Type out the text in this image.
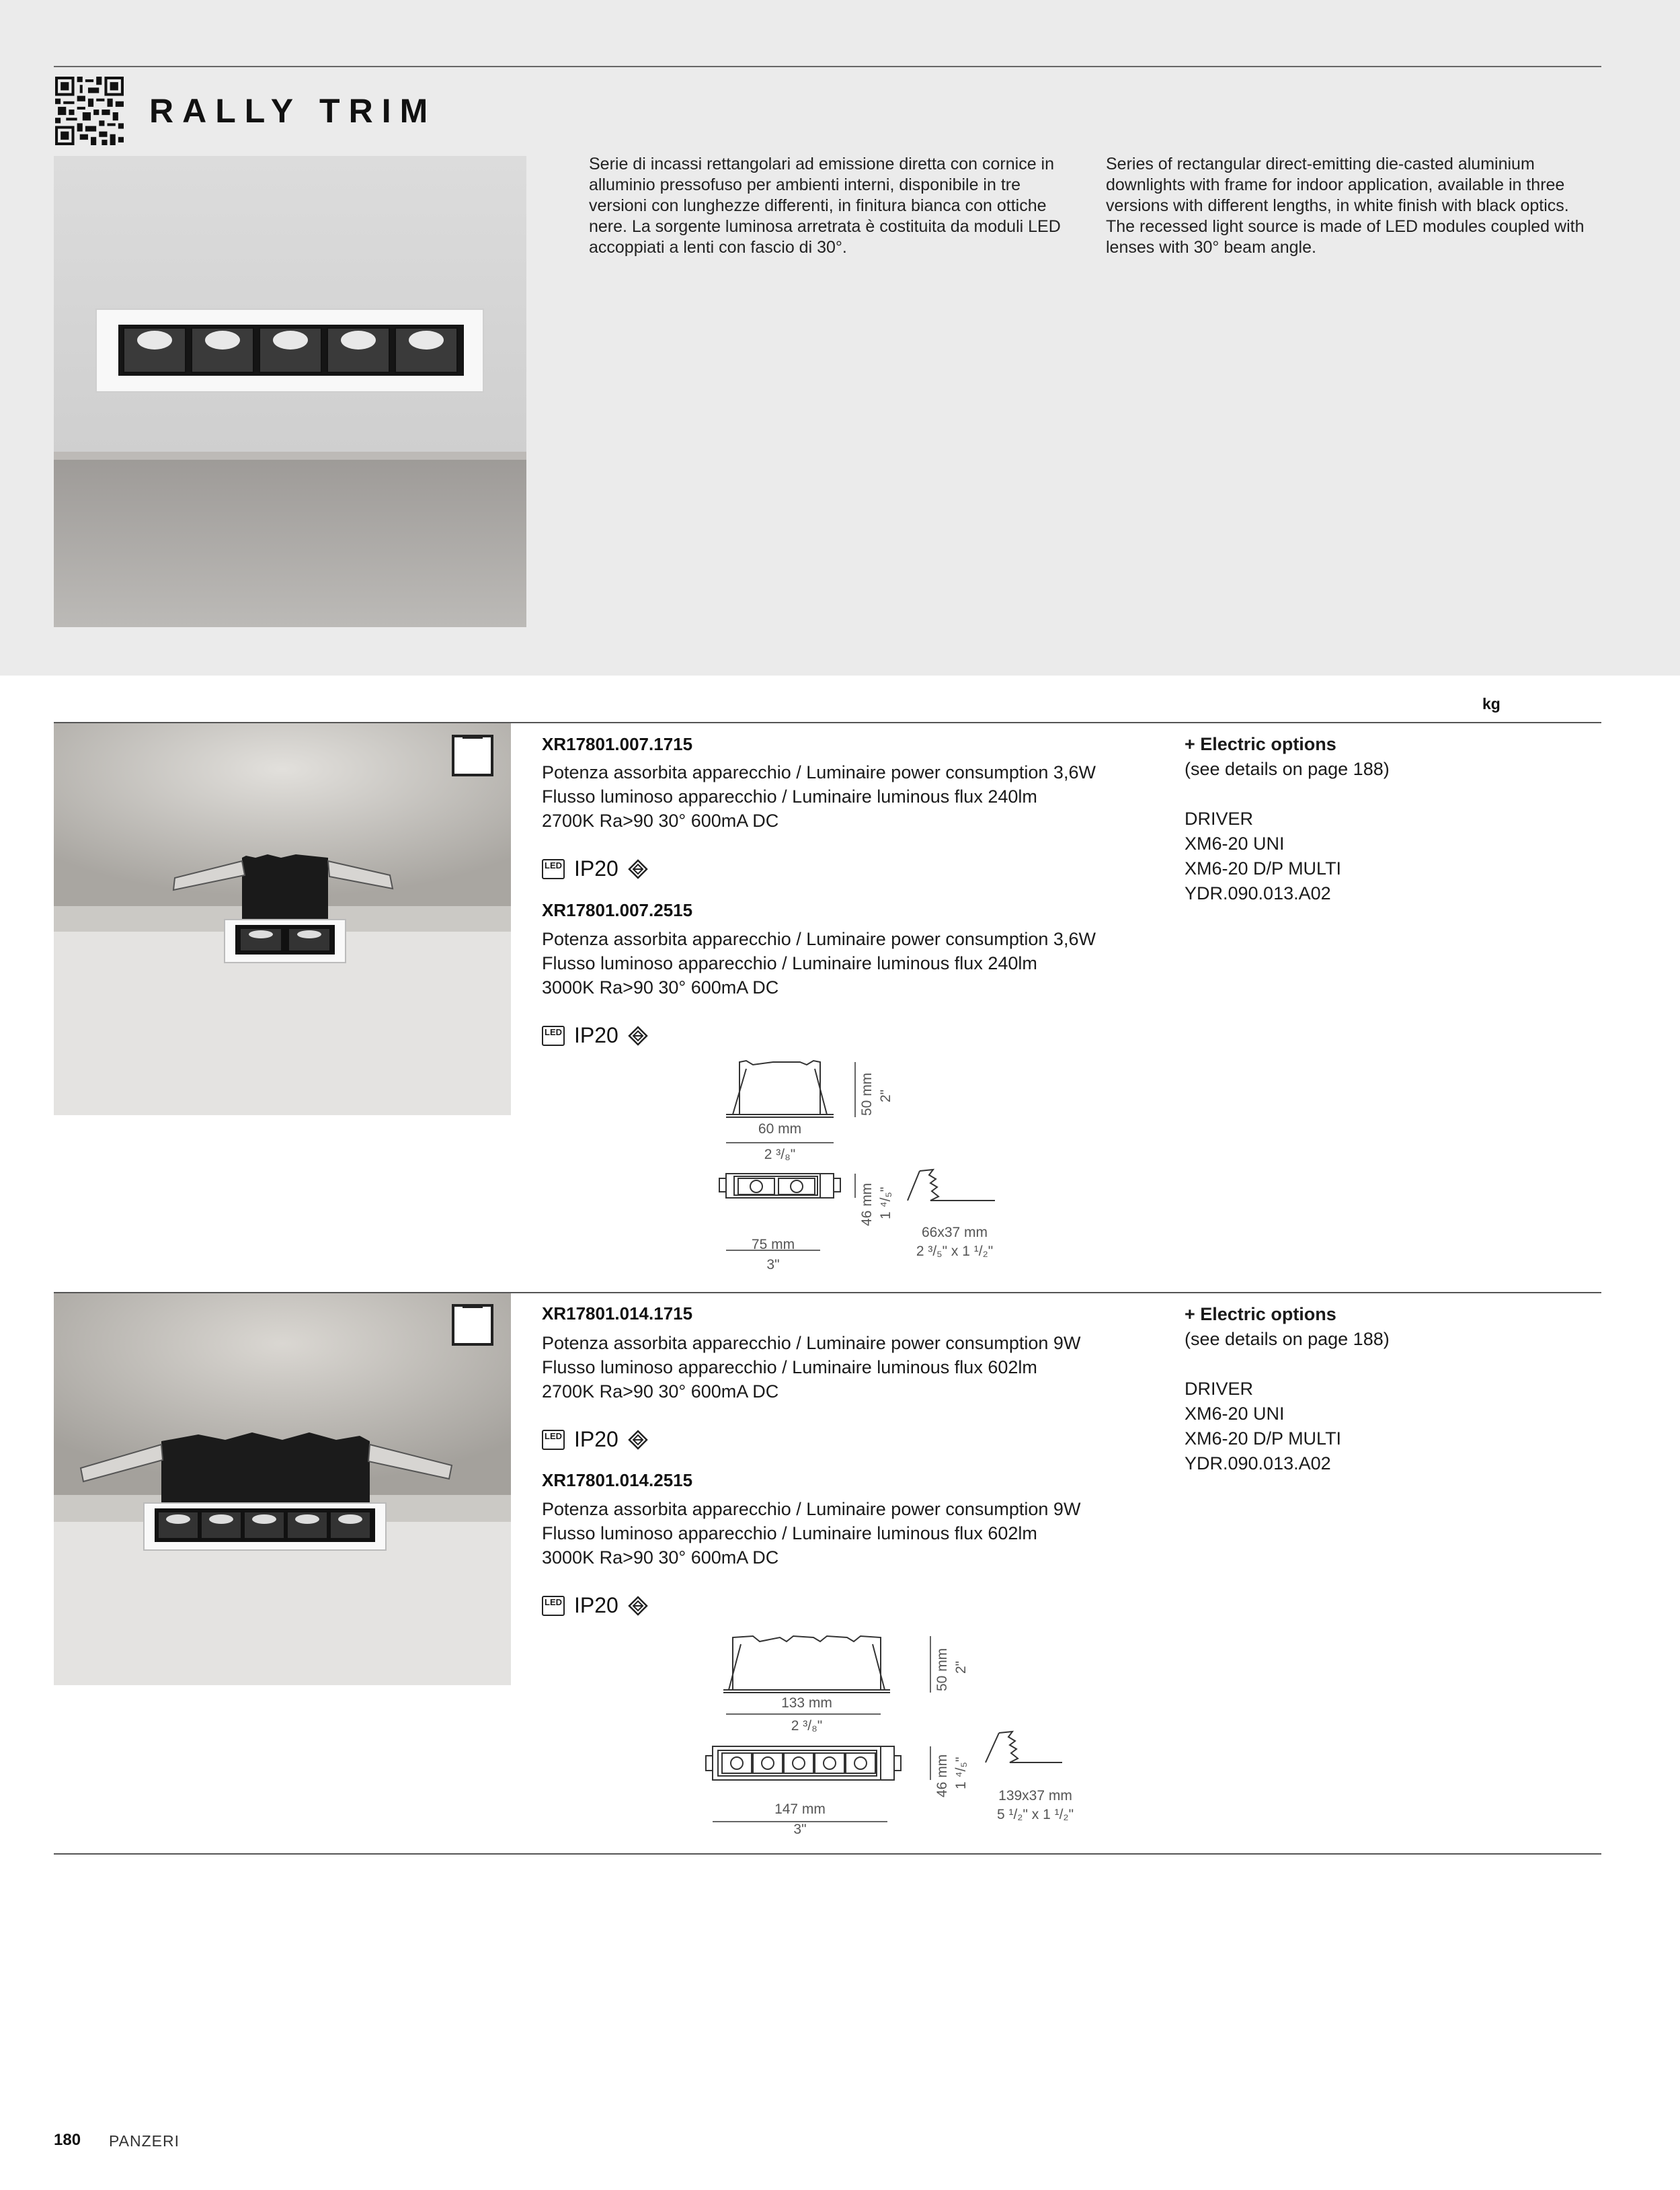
RALLY TRIM
Serie di incassi rettangolari ad emissione diretta con cornice in alluminio pressofuso per ambienti interni, disponibile in tre versioni con lunghezze differenti, in finitura bianca con ottiche nere. La sorgente luminosa arretrata è costituita da moduli LED accoppiati a lenti con fascio di 30°.
Series of rectangular direct-emitting die-casted aluminium downlights with frame for indoor application, available in three versions with different lengths, in white finish with black optics. The recessed light source is made of LED modules coupled with lenses with 30° beam angle.
kg
XR17801.007.1715
Potenza assorbita apparecchio / Luminaire power consumption 3,6W
Flusso luminoso apparecchio / Luminaire luminous flux 240lm
2700K Ra>90 30° 600mA DC
LED IP20
XR17801.007.2515
Potenza assorbita apparecchio / Luminaire power consumption 3,6W
Flusso luminoso apparecchio / Luminaire luminous flux 240lm
3000K Ra>90 30° 600mA DC
LED IP20
+ Electric options
(see details on page 188)
DRIVER
XM6-20 UNI
XM6-20 D/P MULTI
YDR.090.013.A02
60 mm
2 ³/₈"
50 mm 2"
75 mm
3"
46 mm 1 ⁴/₅"
66x37 mm
2 ³/₅" x 1 ¹/₂"
XR17801.014.1715
Potenza assorbita apparecchio / Luminaire power consumption 9W
Flusso luminoso apparecchio / Luminaire luminous flux 602lm
2700K Ra>90 30° 600mA DC
LED IP20
XR17801.014.2515
Potenza assorbita apparecchio / Luminaire power consumption 9W
Flusso luminoso apparecchio / Luminaire luminous flux 602lm
3000K Ra>90 30° 600mA DC
LED IP20
+ Electric options
(see details on page 188)
DRIVER
XM6-20 UNI
XM6-20 D/P MULTI
YDR.090.013.A02
133 mm
2 ³/₈"
50 mm 2"
147 mm
3"
46 mm 1 ⁴/₅"
139x37 mm
5 ¹/₂" x 1 ¹/₂"
180 PANZERI
